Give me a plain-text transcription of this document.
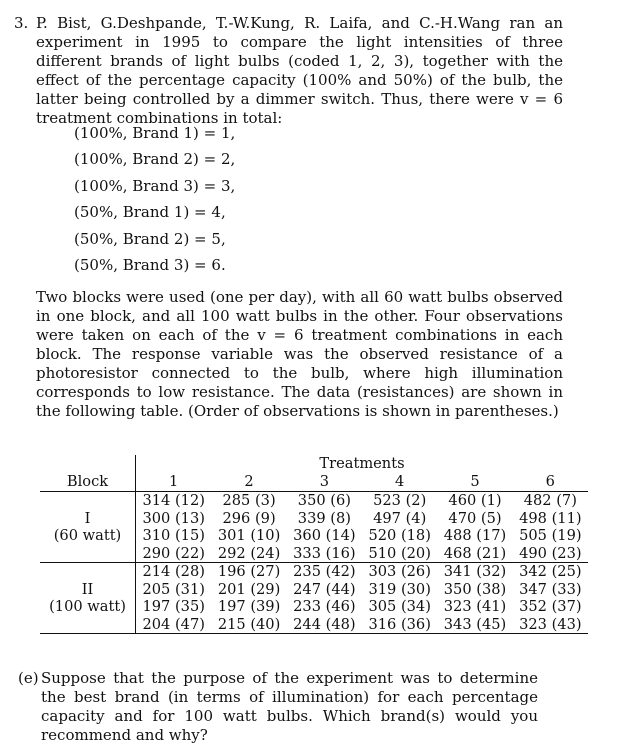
3. P. Bist, G.Deshpande, T.-W.Kung, R. Laifa, and C.-H.Wang ran an experiment in 1995 to compare the light intensities of three different brands of light bulbs (coded 1, 2, 3), together with the effect of the percentage capacity (100% and 50%) of the bulb, the latter being controlled by a dimmer switch. Thus, there were v = 6 treatment combinations in total:
(100%, Brand 1) = 1,
(100%, Brand 2) = 2,
(100%, Brand 3) = 3,
(50%, Brand 1) = 4,
(50%, Brand 2) = 5,
(50%, Brand 3) = 6.
Two blocks were used (one per day), with all 60 watt bulbs observed in one block, and all 100 watt bulbs in the other. Four observations were taken on each of the v = 6 treatment combinations in each block. The response variable was the observed resistance of a photoresistor connected to the bulb, where high illumination corresponds to low resistance. The data (resistances) are shown in the following table. (Order of observations is shown in parentheses.)
	Treatments					
Block	1	2	3	4	5	6
	314 (12)	285 (3)	350 (6)	523 (2)	460 (1)	482 (7)
I	300 (13)	296 (9)	339 (8)	497 (4)	470 (5)	498 (11)
(60 watt)	310 (15)	301 (10)	360 (14)	520 (18)	488 (17)	505 (19)
	290 (22)	292 (24)	333 (16)	510 (20)	468 (21)	490 (23)
	214 (28)	196 (27)	235 (42)	303 (26)	341 (32)	342 (25)
II	205 (31)	201 (29)	247 (44)	319 (30)	350 (38)	347 (33)
(100 watt)	197 (35)	197 (39)	233 (46)	305 (34)	323 (41)	352 (37)
	204 (47)	215 (40)	244 (48)	316 (36)	343 (45)	323 (43)
(e) Suppose that the purpose of the experiment was to determine the best brand (in terms of illumination) for each percentage capacity and for 100 watt bulbs. Which brand(s) would you recommend and why?
